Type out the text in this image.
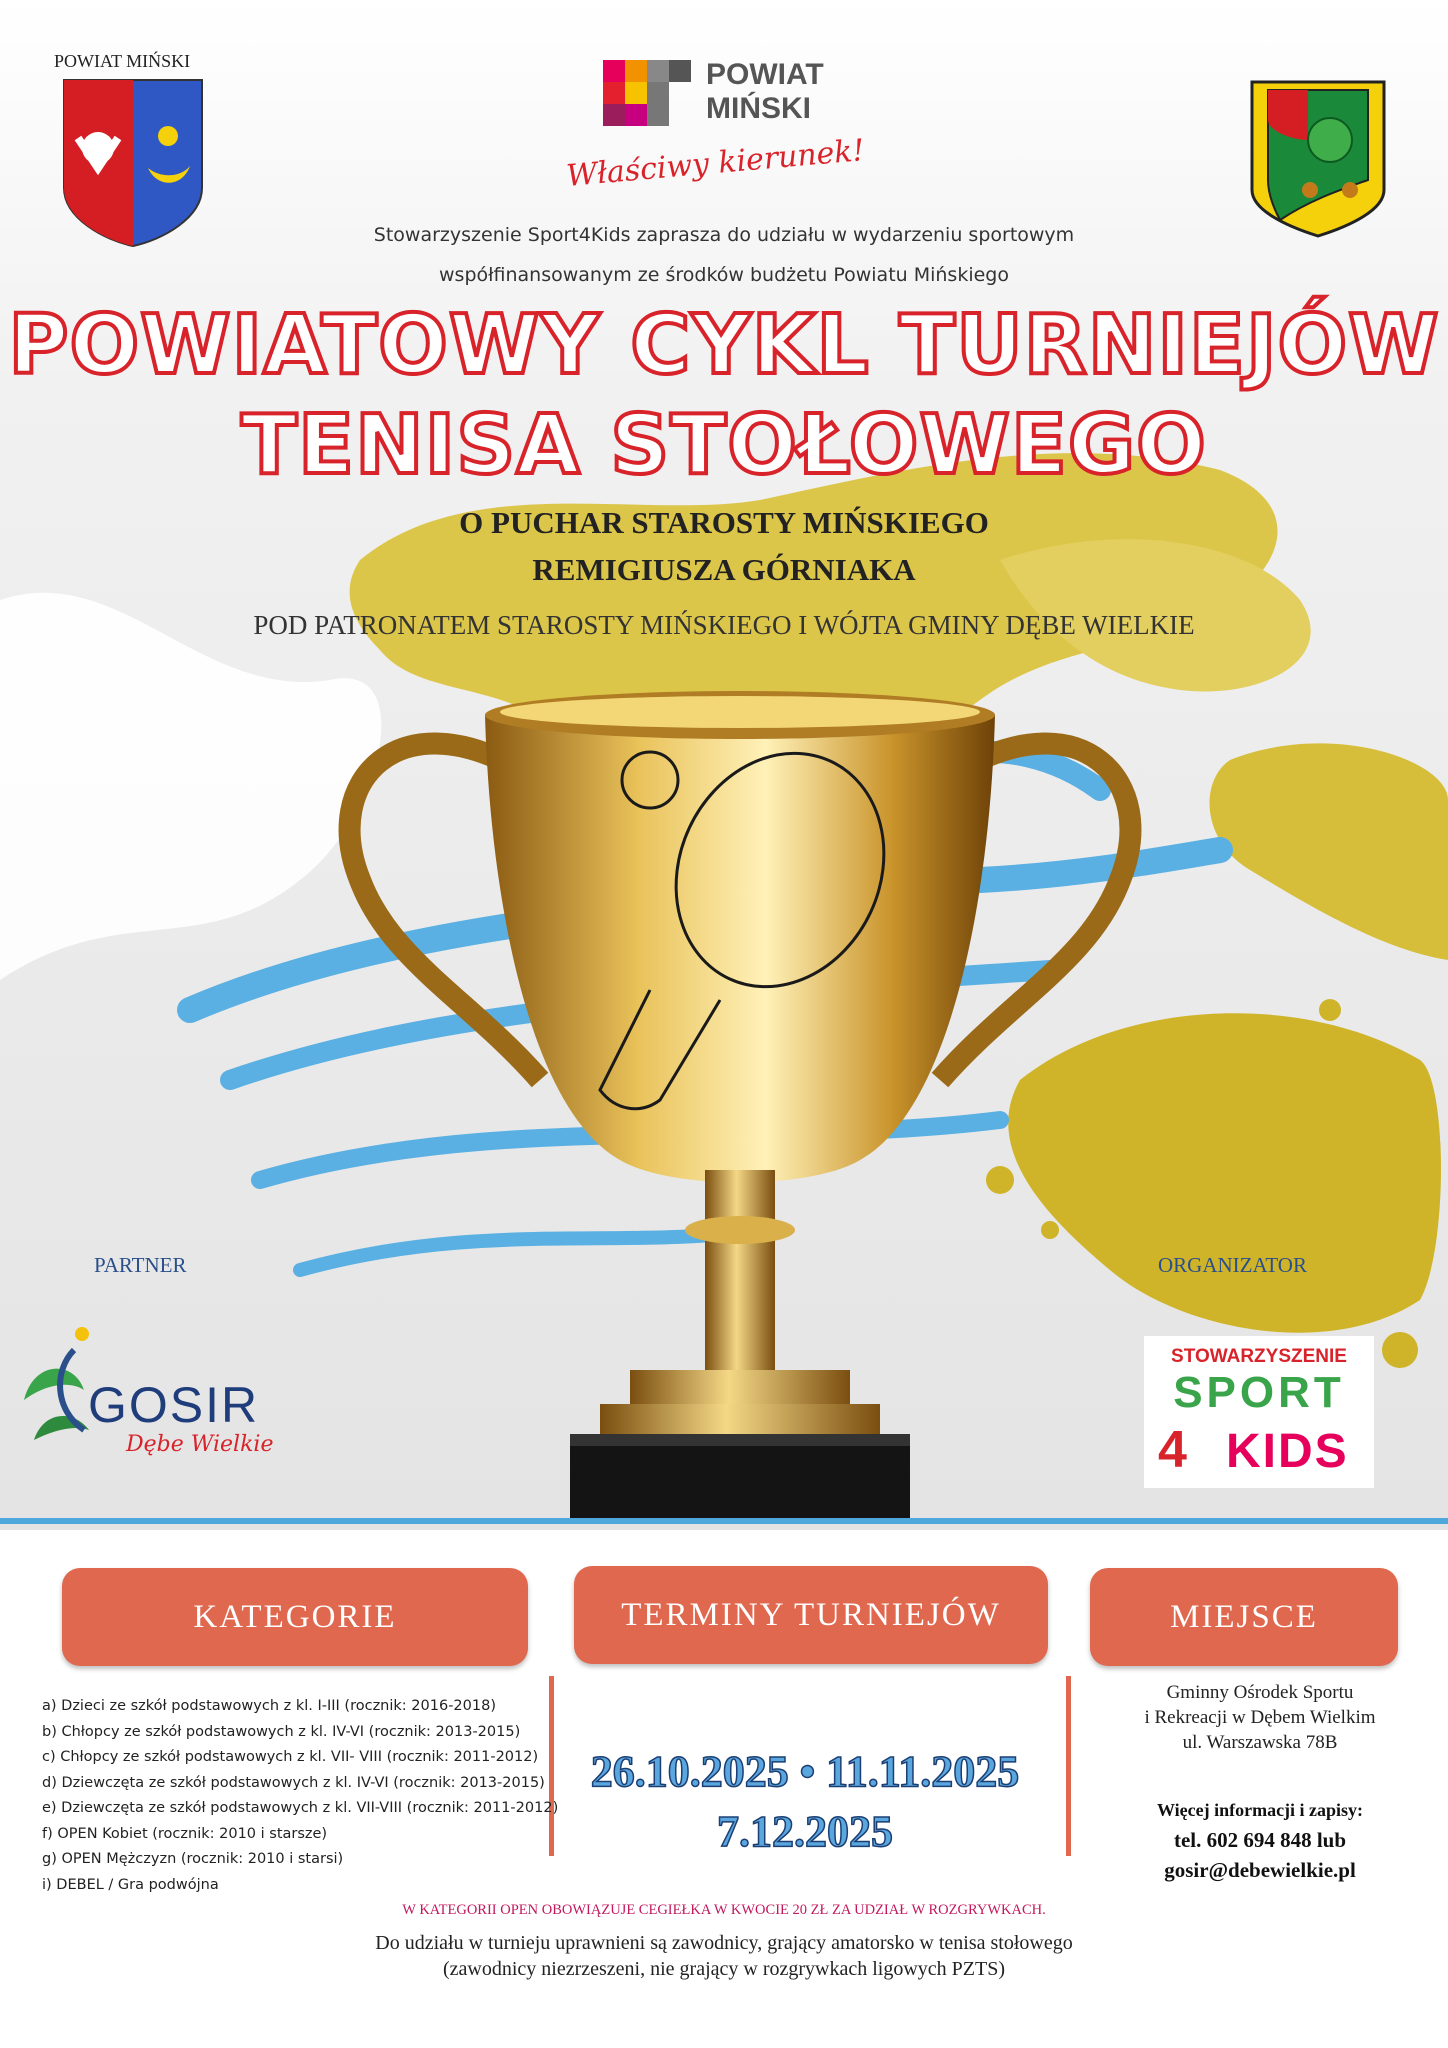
POWIAT MIŃSKI	POWIAT
MIŃSKI
Właściwy kierunek!
Stowarzyszenie Sport4Kids zaprasza do udziału w wydarzeniu sportowym
współfinansowanym ze środków budżetu Powiatu Mińskiego
POWIATOWY CYKL TURNIEJÓW
TENISA STOŁOWEGO
O PUCHAR STAROSTY MIŃSKIEGO
REMIGIUSZA GÓRNIAKA
POD PATRONATEM STAROSTY MIŃSKIEGO I WÓJTA GMINY DĘBE WIELKIE
PARTNER
GOSIR
Dębe Wielkie
ORGANIZATOR
STOWARZYSZENIE
SPORT
4 KIDS
KATEGORIE	TERMINY TURNIEJÓW	MIEJSCE
a) Dzieci ze szkół podstawowych z kl. I-III (rocznik: 2016-2018)
b) Chłopcy ze szkół podstawowych z kl. IV-VI (rocznik: 2013-2015)
c) Chłopcy ze szkół podstawowych z kl. VII- VIII (rocznik: 2011-2012)
d) Dziewczęta ze szkół podstawowych z kl. IV-VI (rocznik: 2013-2015)
e) Dziewczęta ze szkół podstawowych z kl. VII-VIII (rocznik: 2011-2012)
f) OPEN Kobiet (rocznik: 2010 i starsze)
g) OPEN Mężczyzn (rocznik: 2010 i starsi)
i) DEBEL / Gra podwójna
26.10.2025 • 11.11.2025
7.12.2025
Gminny Ośrodek Sportu
i Rekreacji w Dębem Wielkim
ul. Warszawska 78B
Więcej informacji i zapisy:
tel. 602 694 848 lub
gosir@debewielkie.pl
W KATEGORII OPEN OBOWIĄZUJE CEGIEŁKA W KWOCIE 20 ZŁ ZA UDZIAŁ W ROZGRYWKACH.
Do udziału w turnieju uprawnieni są zawodnicy, grający amatorsko w tenisa stołowego
(zawodnicy niezrzeszeni, nie grający w rozgrywkach ligowych PZTS)
